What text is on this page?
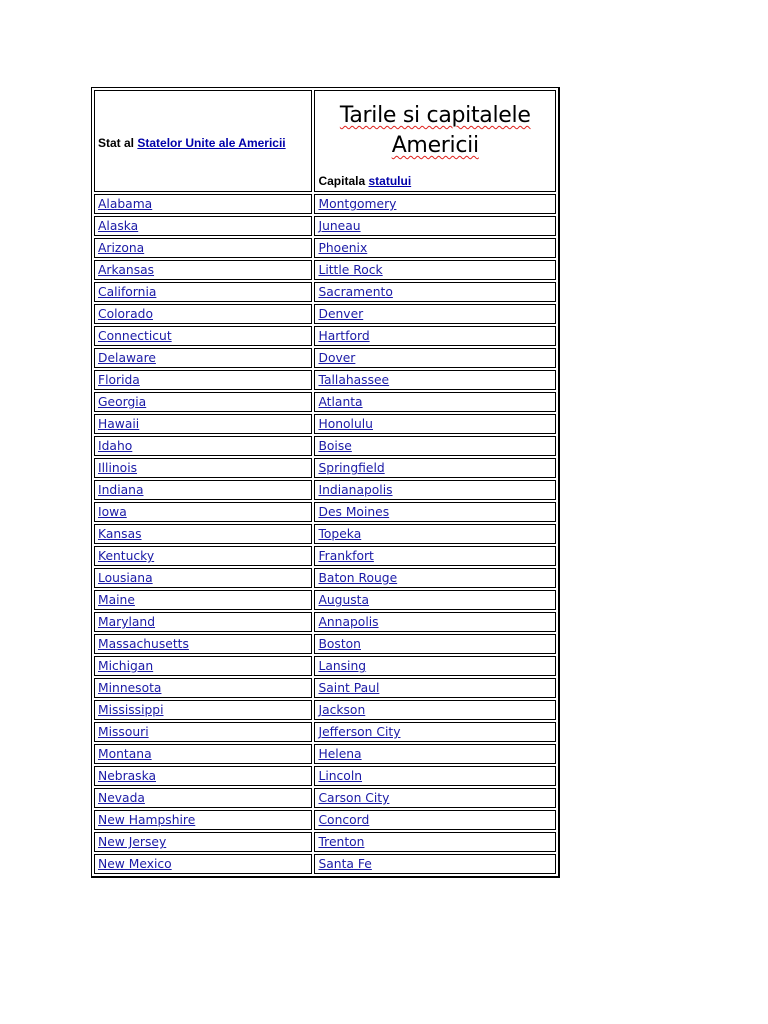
Stat al Statelor Unite ale Americii	Tarile si capitalele
Americii
Capitala statului

Alabama	Montgomery
Alaska	Juneau
Arizona	Phoenix
Arkansas	Little Rock
California	Sacramento
Colorado	Denver
Connecticut	Hartford
Delaware	Dover
Florida	Tallahassee
Georgia	Atlanta
Hawaii	Honolulu
Idaho	Boise
Illinois	Springfield
Indiana	Indianapolis
Iowa	Des Moines
Kansas	Topeka
Kentucky	Frankfort
Lousiana	Baton Rouge
Maine	Augusta
Maryland	Annapolis
Massachusetts	Boston
Michigan	Lansing
Minnesota	Saint Paul
Mississippi	Jackson
Missouri	Jefferson City
Montana	Helena
Nebraska	Lincoln
Nevada	Carson City
New Hampshire	Concord
New Jersey	Trenton
New Mexico	Santa Fe
